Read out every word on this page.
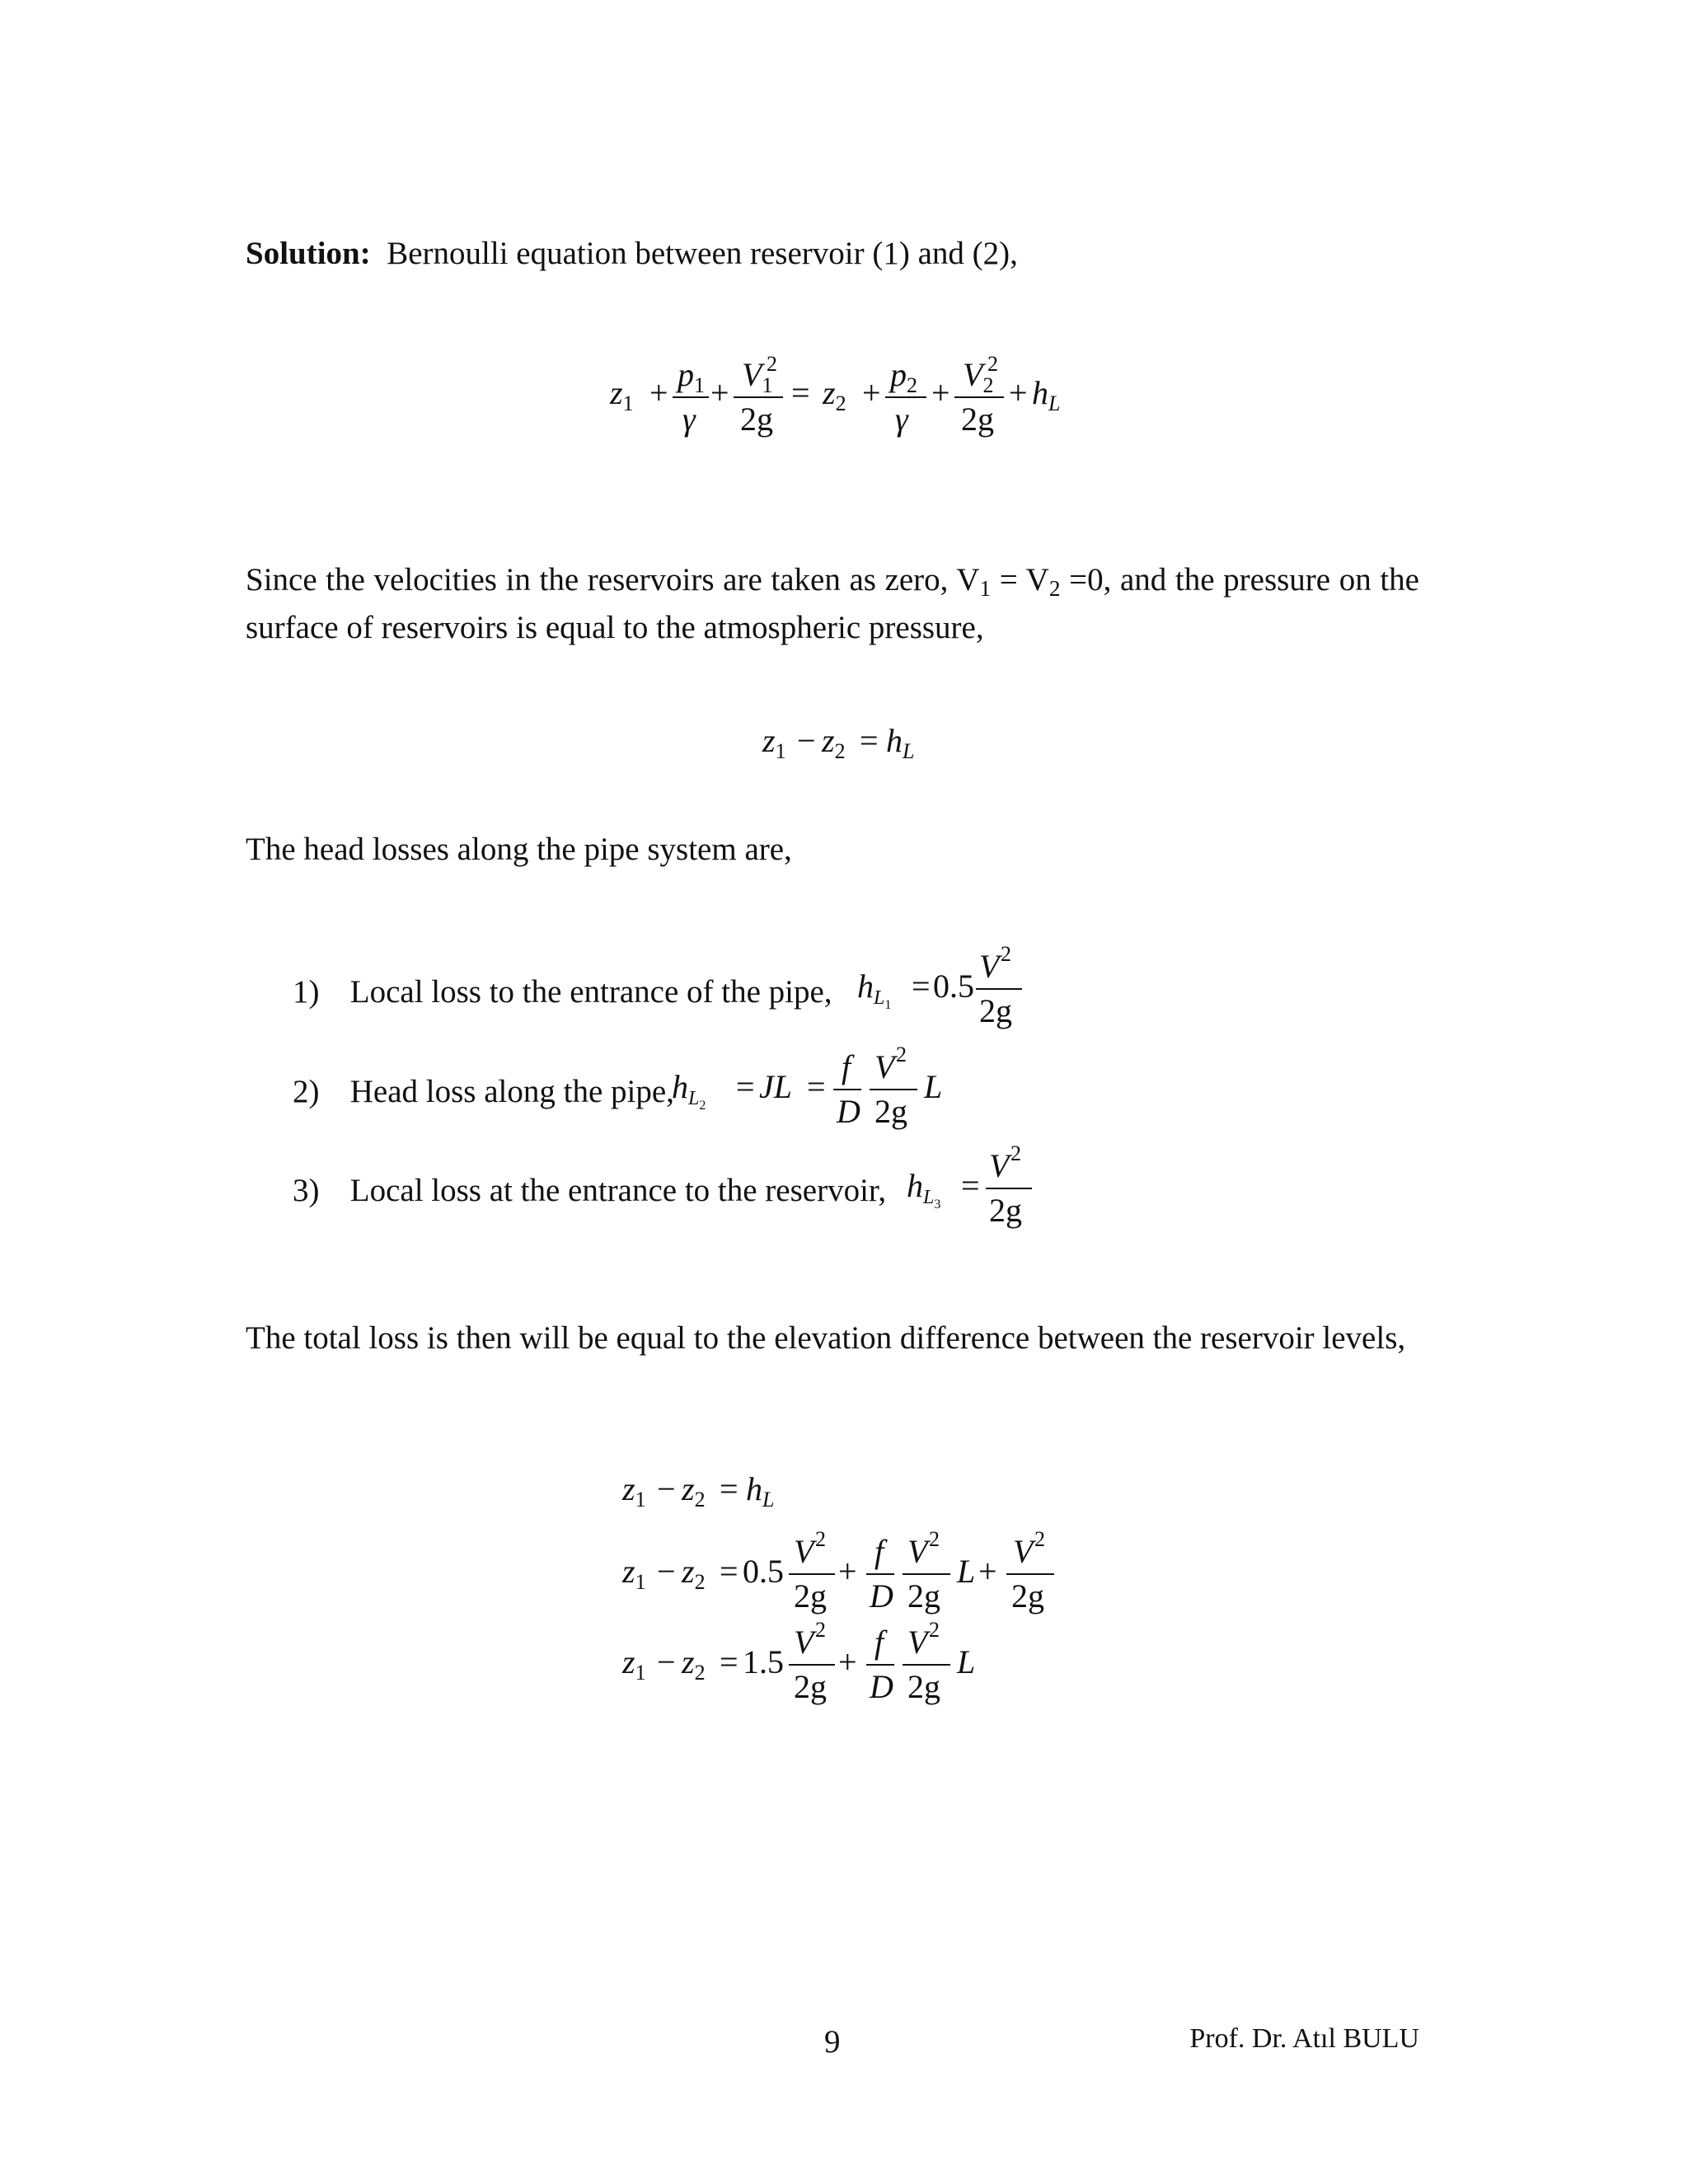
Solution: Bernoulli equation between reservoir (1) and (2),
$z_1 + p_1$
γ
+ $V_1$
2
2g
= $z_2 + p_2$
γ
+ $V_2$
2
2g
+ $h_L$
Since the velocities in the reservoirs are taken as zero, $V_1 = V_2 =0$, and the pressure on the surface of reservoirs is equal to the atmospheric pressure,
$z_1 - z_2 = h_L$
The head losses along the pipe system are,
1) Local loss to the entrance of the pipe, $h_L1$
= 0.5
V 2
2g
2) Head loss along the pipe,
$h_L2$
= JL =
f
D
V 2
2g
L
3) Local loss at the entrance to the reservoir, $h_L3$
=
V 2
2g
The total loss is then will be equal to the elevation difference between the reservoir levels,
$z_1 - z_2 = h_L$
$z_1 - z_2 = 0.5$
V 2
2g
+
f
D
V 2
2g
L +
V 2
2g
$z_1 - z_2 = 1.5$
V 2
2g
+
f
D
V 2
2g
L
9	Prof. Dr. Atıl BULU
